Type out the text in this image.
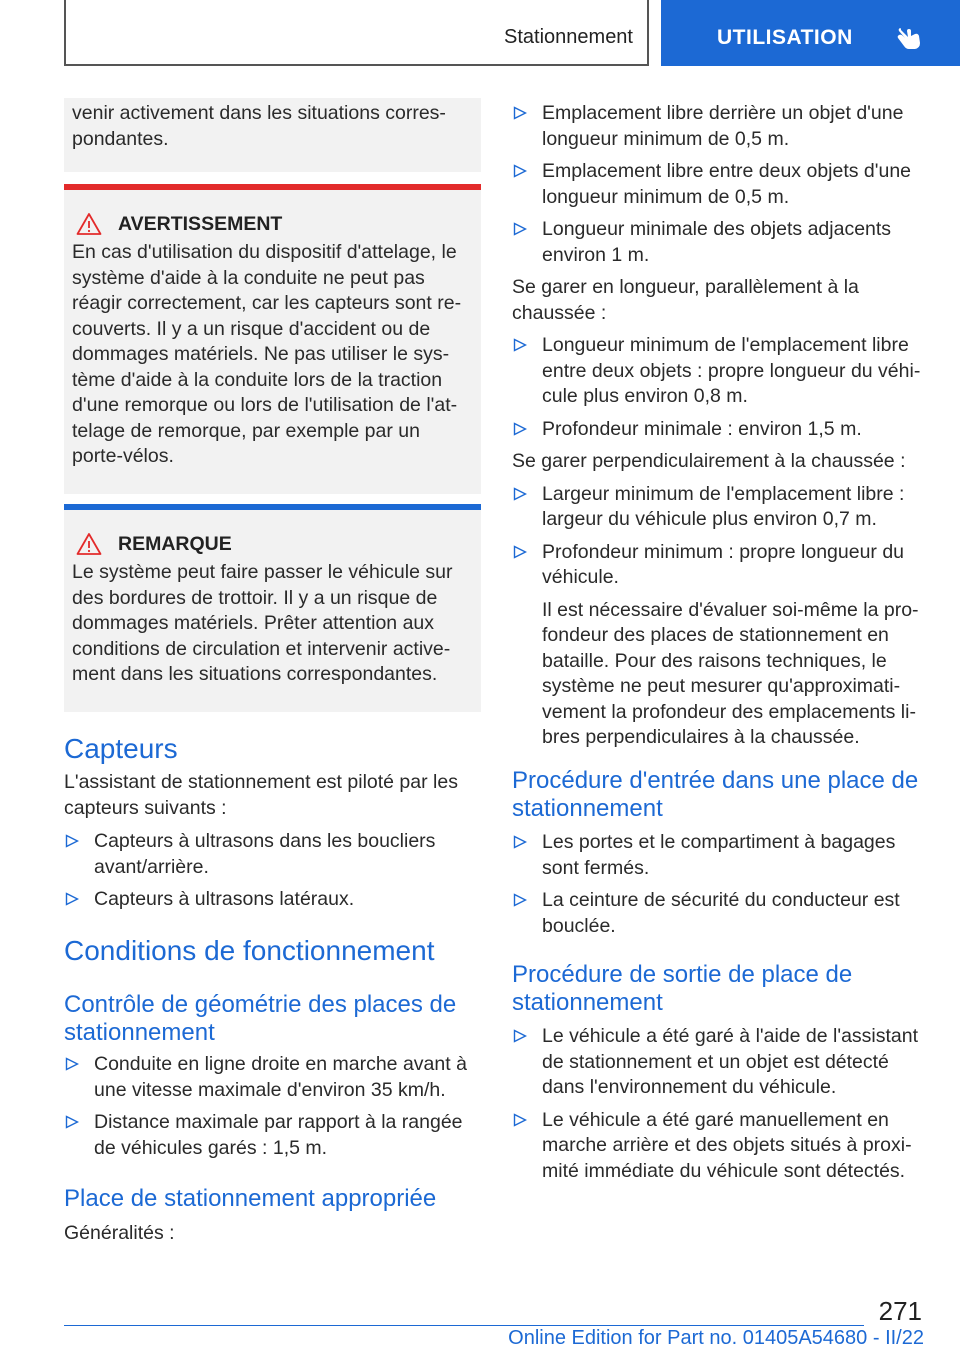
Stationnement	UTILISATION

venir activement dans les situations corres-
pondantes.

AVERTISSEMENT

En cas d'utilisation du dispositif d'attelage, le système d'aide à la conduite ne peut pas réagir correctement, car les capteurs sont re-couverts. Il y a un risque d'accident ou de dommages matériels. Ne pas utiliser le sys-tème d'aide à la conduite lors de la traction d'une remorque ou lors de l'utilisation de l'at-telage de remorque, par exemple par un porte-vélos.

REMARQUE

Le système peut faire passer le véhicule sur des bordures de trottoir. Il y a un risque de dommages matériels. Prêter attention aux conditions de circulation et intervenir active-ment dans les situations correspondantes.

Capteurs

L'assistant de stationnement est piloté par les capteurs suivants :

Capteurs à ultrasons dans les boucliers avant/arrière.
Capteurs à ultrasons latéraux.
Conditions de fonctionnement
Contrôle de géométrie des places de stationnement
Conduite en ligne droite en marche avant à une vitesse maximale d'environ 35 km/h.
Distance maximale par rapport à la rangée de véhicules garés : 1,5 m.
Place de stationnement appropriée

Généralités :

Emplacement libre derrière un objet d'une longueur minimum de 0,5 m.
Emplacement libre entre deux objets d'une longueur minimum de 0,5 m.
Longueur minimale des objets adjacents environ 1 m.

Se garer en longueur, parallèlement à la chaussée :

Longueur minimum de l'emplacement libre entre deux objets : propre longueur du véhi-cule plus environ 0,8 m.
Profondeur minimale : environ 1,5 m.

Se garer perpendiculairement à la chaussée :

Largeur minimum de l'emplacement libre : largeur du véhicule plus environ 0,7 m.
Profondeur minimum : propre longueur du véhicule.

Il est nécessaire d'évaluer soi-même la pro-fondeur des places de stationnement en bataille. Pour des raisons techniques, le système ne peut mesurer qu'approximati-vement la profondeur des emplacements li-bres perpendiculaires à la chaussée.

Procédure d'entrée dans une place de stationnement
Les portes et le compartiment à bagages sont fermés.
La ceinture de sécurité du conducteur est bouclée.
Procédure de sortie de place de stationnement
Le véhicule a été garé à l'aide de l'assistant de stationnement et un objet est détecté dans l'environnement du véhicule.
Le véhicule a été garé manuellement en marche arrière et des objets situés à proxi-mité immédiate du véhicule sont détectés.
271
Online Edition for Part no. 01405A54680 - II/22
